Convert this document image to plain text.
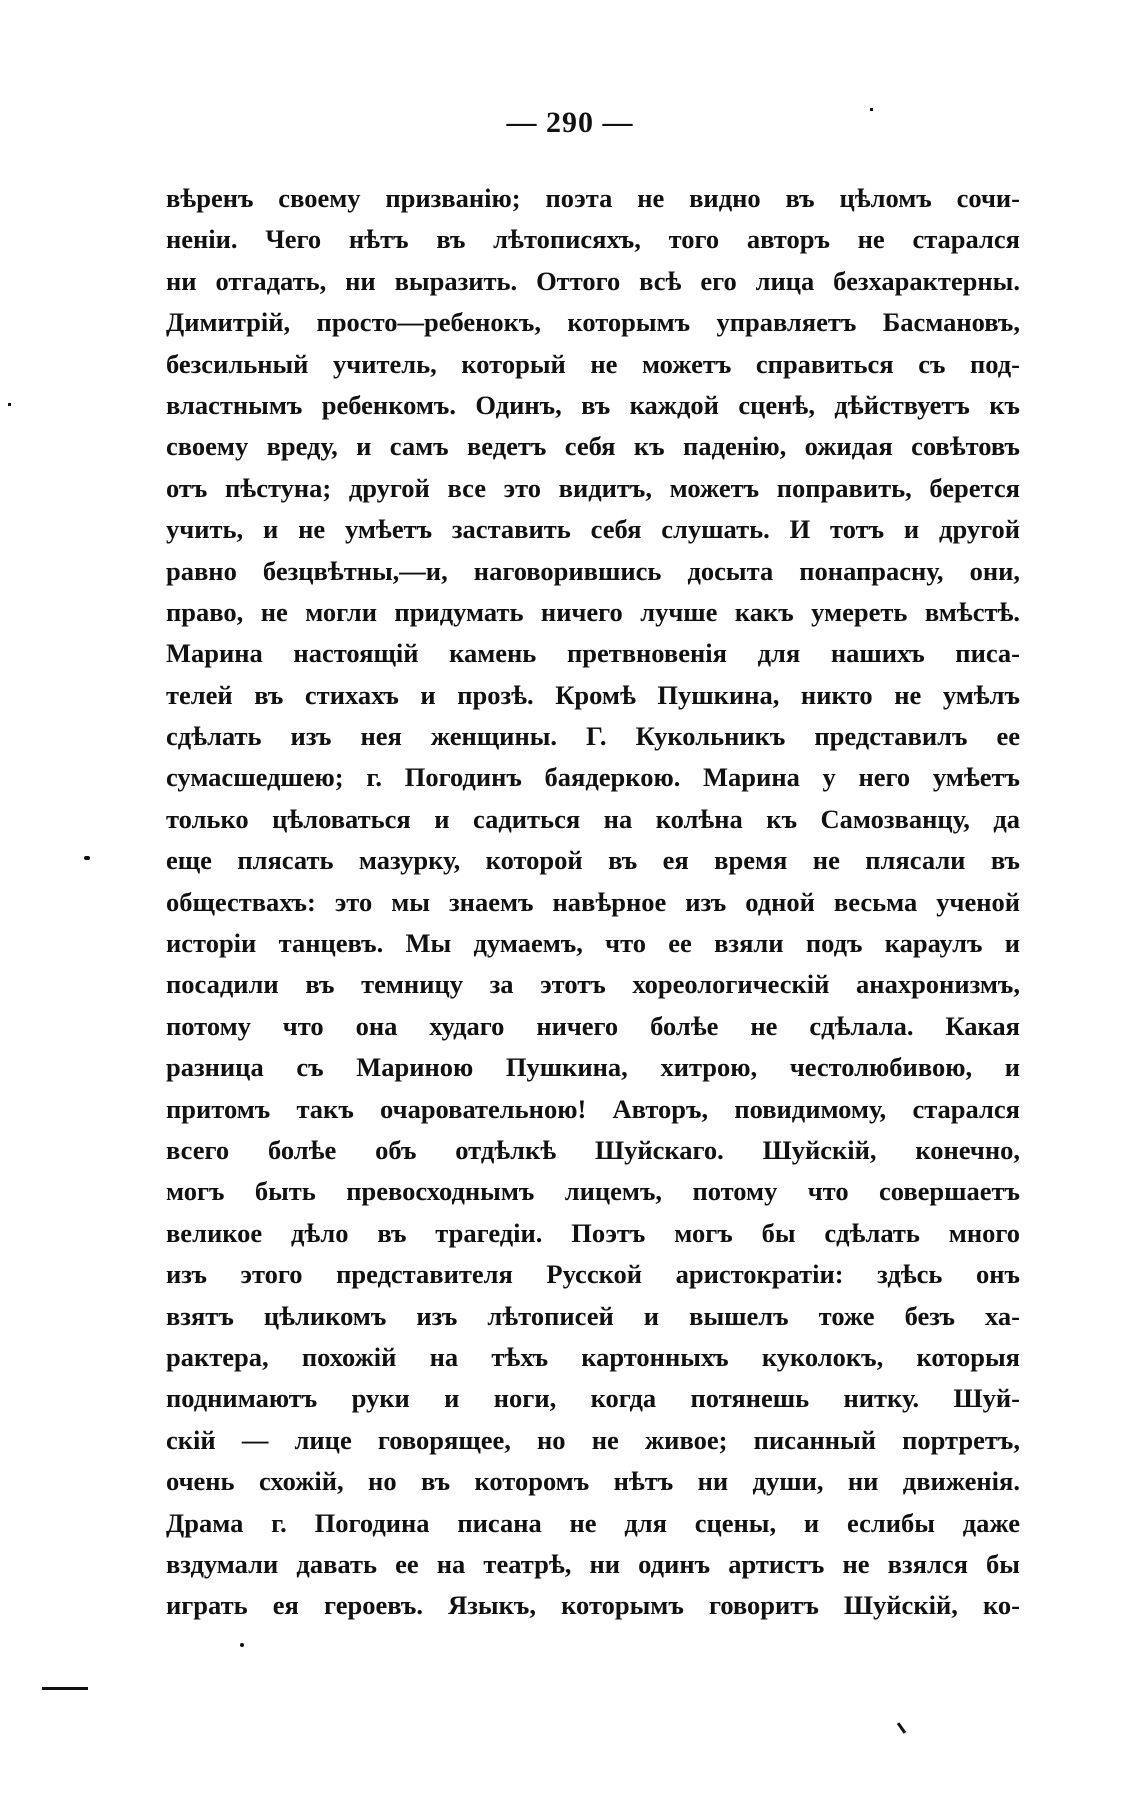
— 290 —
вѣренъ своему призванію; поэта не видно въ цѣломъ сочи-
неніи. Чего нѣтъ въ лѣтописяхъ, того авторъ не старался
ни отгадать, ни выразить. Оттого всѣ его лица безхарактерны.
Димитрій, просто—ребенокъ, которымъ управляетъ Басмановъ,
безсильный учитель, который не можетъ справиться съ под-
властнымъ ребенкомъ. Одинъ, въ каждой сценѣ, дѣйствуетъ къ
своему вреду, и самъ ведетъ себя къ паденію, ожидая совѣтовъ
отъ пѣстуна; другой все это видитъ, можетъ поправить, берется
учить, и не умѣетъ заставить себя слушать. И тотъ и другой
равно безцвѣтны,—и, наговорившись досыта понапрасну, они,
право, не могли придумать ничего лучше какъ умереть вмѣстѣ.
Марина настоящій камень претвновенія для нашихъ писа-
телей въ стихахъ и прозѣ. Кромѣ Пушкина, никто не умѣлъ
сдѣлать изъ нея женщины. Г. Кукольникъ представилъ ее
сумасшедшею; г. Погодинъ баядеркою. Марина у него умѣетъ
только цѣловаться и садиться на колѣна къ Самозванцу, да
еще плясать мазурку, которой въ ея время не плясали въ
обществахъ: это мы знаемъ навѣрное изъ одной весьма ученой
исторіи танцевъ. Мы думаемъ, что ее взяли подъ караулъ и
посадили въ темницу за этотъ хореологическій анахронизмъ,
потому что она худаго ничего болѣе не сдѣлала. Какая
разница съ Мариною Пушкина, хитрою, честолюбивою, и
притомъ такъ очаровательною! Авторъ, повидимому, старался
всего болѣе объ отдѣлкѣ Шуйскаго. Шуйскій, конечно,
могъ быть превосходнымъ лицемъ, потому что совершаетъ
великое дѣло въ трагедіи. Поэтъ могъ бы сдѣлать много
изъ этого представителя Русской аристократіи: здѣсь онъ
взятъ цѣликомъ изъ лѣтописей и вышелъ тоже безъ ха-
рактера, похожій на тѣхъ картонныхъ куколокъ, которыя
поднимаютъ руки и ноги, когда потянешь нитку. Шуй-
скій — лице говорящее, но не живое; писанный портретъ,
очень схожій, но въ которомъ нѣтъ ни души, ни движенія.
Драма г. Погодина писана не для сцены, и еслибы даже
вздумали давать ее на театрѣ, ни одинъ артистъ не взялся бы
играть ея героевъ. Языкъ, которымъ говоритъ Шуйскій, ко-
